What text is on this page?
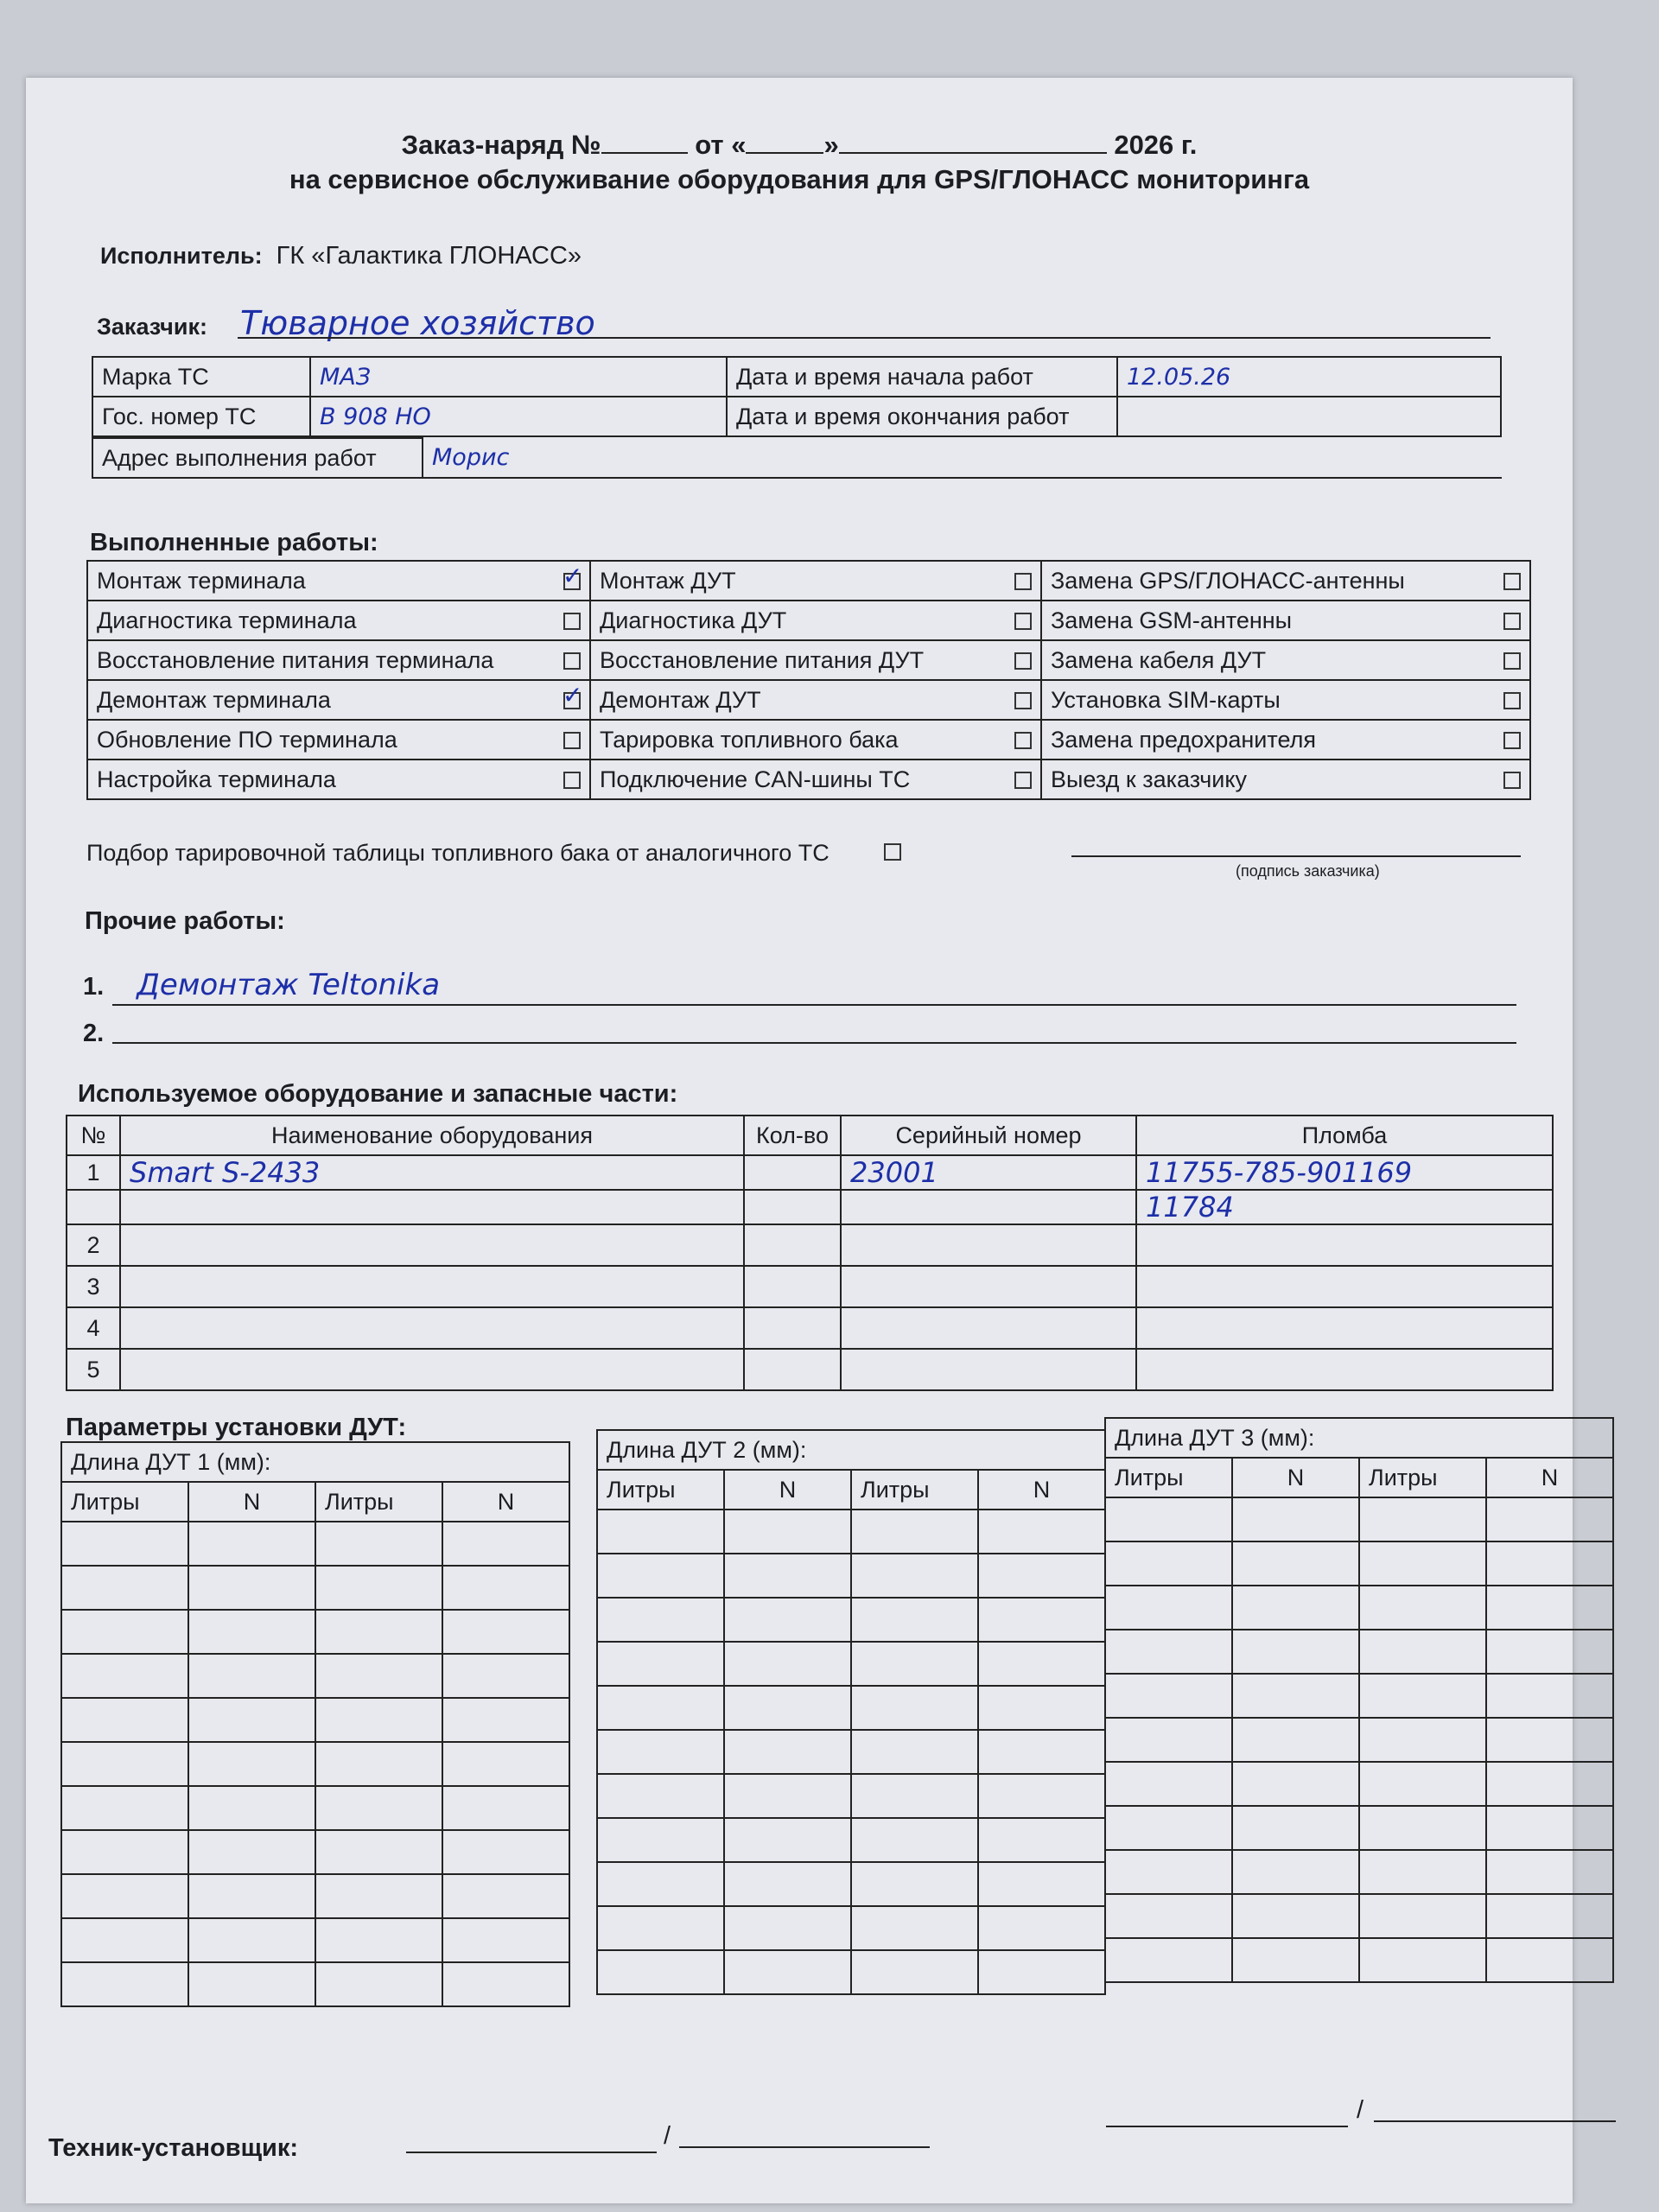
Заказ-наряд №	от «	»	2026 г.
на сервисное обслуживание оборудования для GPS/ГЛОНАСС мониторинга
Исполнитель: ГК «Галактика ГЛОНАСС»
Заказчик: Тюварное хозяйство
Марка ТС	МАЗ	Дата и время начала работ	12.05.26
Гос. номер ТС	В 908 НО	Дата и время окончания работ	
Адрес выполнения работ	Морис
Выполненные работы:
✓
Монтаж терминала	Монтаж ДУТ	Замена GPS/ГЛОНАСС-антенны

Диагностика терминала	Диагностика ДУТ	Замена GSM-антенны

Восстановление питания терминала	Восстановление питания ДУТ	Замена кабеля ДУТ

✓
Демонтаж терминала	Демонтаж ДУТ	Установка SIM-карты

Обновление ПО терминала	Тарировка топливного бака	Замена предохранителя

Настройка терминала	Подключение CAN-шины ТС	Выезд к заказчику
Подбор тарировочной таблицы топливного бака от аналогичного ТС
(подпись заказчика)
Прочие работы:
1. Демонтаж Teltonika
2.
Используемое оборудование и запасные части:
№	Наименование оборудования	Кол-во	Серийный номер	Пломба
1	Smart S-2433		23001	11755-785-901169
				11784
2				
3				
4				
5				
Параметры установки ДУТ:
Длина ДУТ 1 (мм):			
Литры	N	Литры	N

Длина ДУТ 2 (мм):			
Литры	N	Литры	N

Длина ДУТ 3 (мм):			
Литры	N	Литры	N

Техник-установщик:	/
/
